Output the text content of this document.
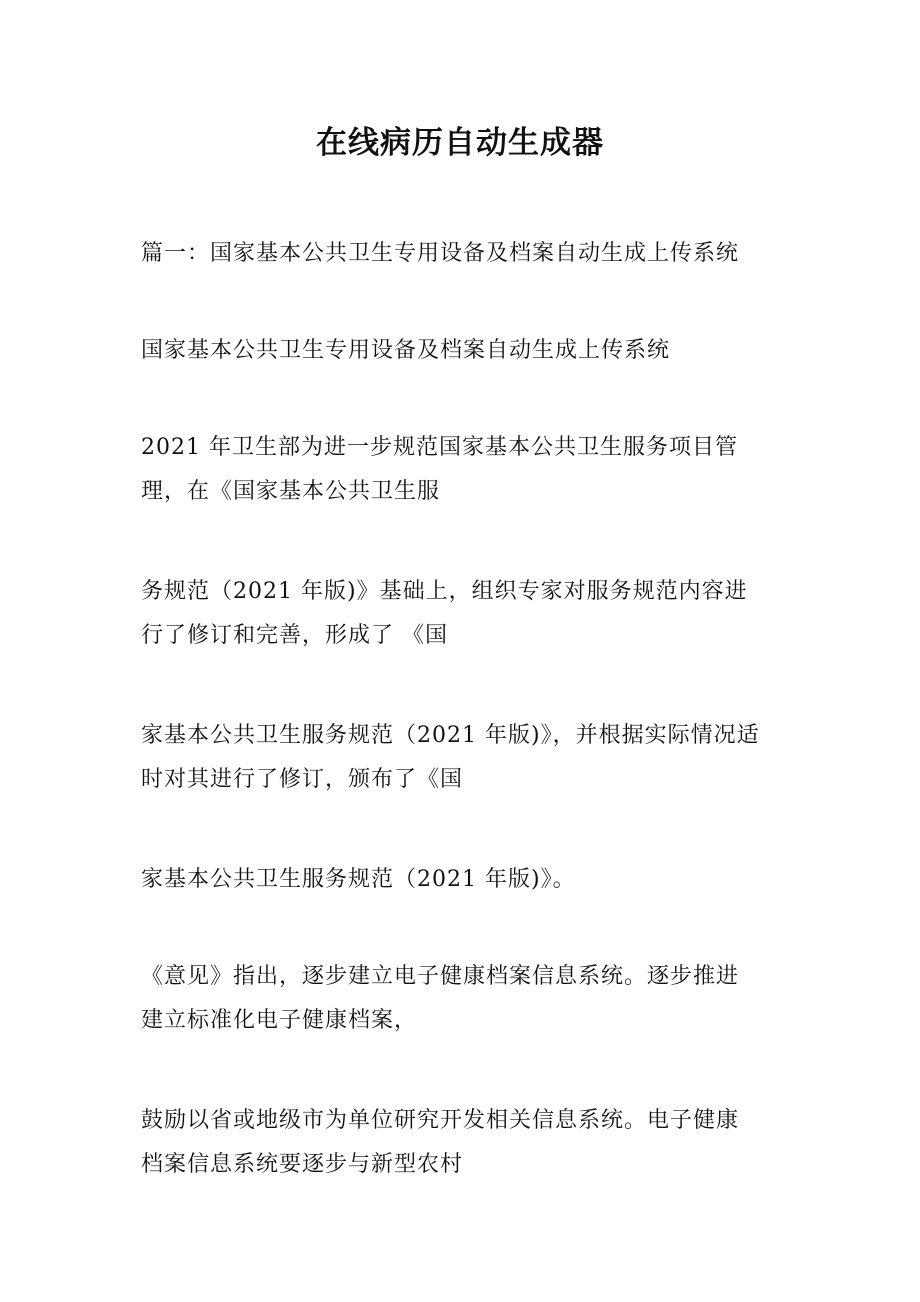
在线病历自动生成器

篇一：国家基本公共卫生专用设备及档案自动生成上传系统

国家基本公共卫生专用设备及档案自动生成上传系统

2021 年卫生部为进一步规范国家基本公共卫生服务项目管
理，在《国家基本公共卫生服

务规范（2021 年版)》基础上，组织专家对服务规范内容进
行了修订和完善，形成了 《国

家基本公共卫生服务规范（2021 年版)》，并根据实际情况适
时对其进行了修订，颁布了《国

家基本公共卫生服务规范（2021 年版)》。

《意见》指出，逐步建立电子健康档案信息系统。逐步推进
建立标准化电子健康档案，

鼓励以省或地级市为单位研究开发相关信息系统。电子健康
档案信息系统要逐步与新型农村
